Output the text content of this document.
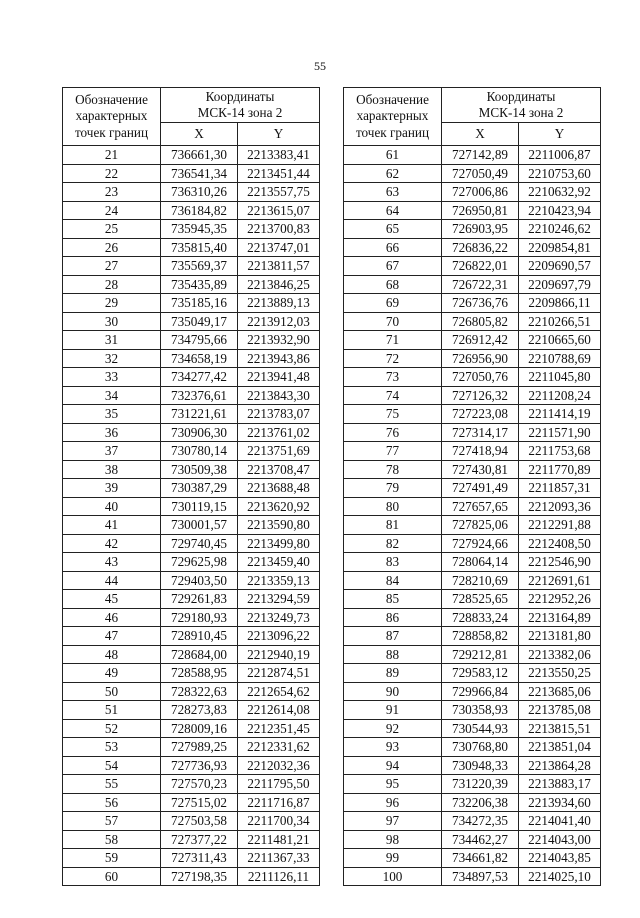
55
Обозначение
характерных
точек границ	Координаты
МСК-14 зона 2	
	X	Y
21	736661,30	2213383,41
22	736541,34	2213451,44
23	736310,26	2213557,75
24	736184,82	2213615,07
25	735945,35	2213700,83
26	735815,40	2213747,01
27	735569,37	2213811,57
28	735435,89	2213846,25
29	735185,16	2213889,13
30	735049,17	2213912,03
31	734795,66	2213932,90
32	734658,19	2213943,86
33	734277,42	2213941,48
34	732376,61	2213843,30
35	731221,61	2213783,07
36	730906,30	2213761,02
37	730780,14	2213751,69
38	730509,38	2213708,47
39	730387,29	2213688,48
40	730119,15	2213620,92
41	730001,57	2213590,80
42	729740,45	2213499,80
43	729625,98	2213459,40
44	729403,50	2213359,13
45	729261,83	2213294,59
46	729180,93	2213249,73
47	728910,45	2213096,22
48	728684,00	2212940,19
49	728588,95	2212874,51
50	728322,63	2212654,62
51	728273,83	2212614,08
52	728009,16	2212351,45
53	727989,25	2212331,62
54	727736,93	2212032,36
55	727570,23	2211795,50
56	727515,02	2211716,87
57	727503,58	2211700,34
58	727377,22	2211481,21
59	727311,43	2211367,33
60	727198,35	2211126,11
Обозначение
характерных
точек границ	Координаты
МСК-14 зона 2	
	X	Y
61	727142,89	2211006,87
62	727050,49	2210753,60
63	727006,86	2210632,92
64	726950,81	2210423,94
65	726903,95	2210246,62
66	726836,22	2209854,81
67	726822,01	2209690,57
68	726722,31	2209697,79
69	726736,76	2209866,11
70	726805,82	2210266,51
71	726912,42	2210665,60
72	726956,90	2210788,69
73	727050,76	2211045,80
74	727126,32	2211208,24
75	727223,08	2211414,19
76	727314,17	2211571,90
77	727418,94	2211753,68
78	727430,81	2211770,89
79	727491,49	2211857,31
80	727657,65	2212093,36
81	727825,06	2212291,88
82	727924,66	2212408,50
83	728064,14	2212546,90
84	728210,69	2212691,61
85	728525,65	2212952,26
86	728833,24	2213164,89
87	728858,82	2213181,80
88	729212,81	2213382,06
89	729583,12	2213550,25
90	729966,84	2213685,06
91	730358,93	2213785,08
92	730544,93	2213815,51
93	730768,80	2213851,04
94	730948,33	2213864,28
95	731220,39	2213883,17
96	732206,38	2213934,60
97	734272,35	2214041,40
98	734462,27	2214043,00
99	734661,82	2214043,85
100	734897,53	2214025,10
